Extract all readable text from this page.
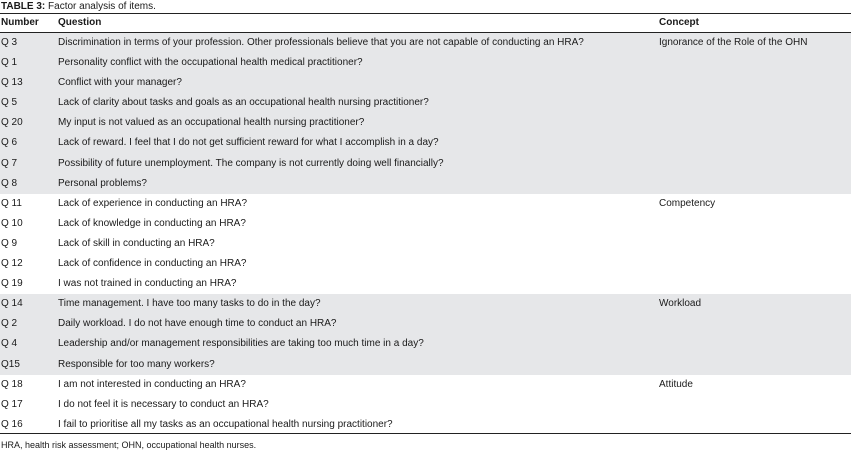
TABLE 3: Factor analysis of items.
Number Question	Concept
Q 3	Discrimination in terms of your profession. Other professionals believe that you are not capable of conducting an HRA?	Ignorance of the Role of the OHN
Q 1	Personality conflict with the occupational health medical practitioner?
Q 13	Conflict with your manager?
Q 5	Lack of clarity about tasks and goals as an occupational health nursing practitioner?
Q 20	My input is not valued as an occupational health nursing practitioner?
Q 6	Lack of reward. I feel that I do not get sufficient reward for what I accomplish in a day?
Q 7	Possibility of future unemployment. The company is not currently doing well financially?
Q 8	Personal problems?
Q 11	Lack of experience in conducting an HRA?	Competency
Q 10	Lack of knowledge in conducting an HRA?
Q 9	Lack of skill in conducting an HRA?
Q 12	Lack of confidence in conducting an HRA?
Q 19	I was not trained in conducting an HRA?
Q 14	Time management. I have too many tasks to do in the day?	Workload
Q 2	Daily workload. I do not have enough time to conduct an HRA?
Q 4	Leadership and/or management responsibilities are taking too much time in a day?
Q15	Responsible for too many workers?
Q 18	I am not interested in conducting an HRA?	Attitude
Q 17	I do not feel it is necessary to conduct an HRA?
Q 16	I fail to prioritise all my tasks as an occupational health nursing practitioner?
HRA, health risk assessment; OHN, occupational health nurses.
